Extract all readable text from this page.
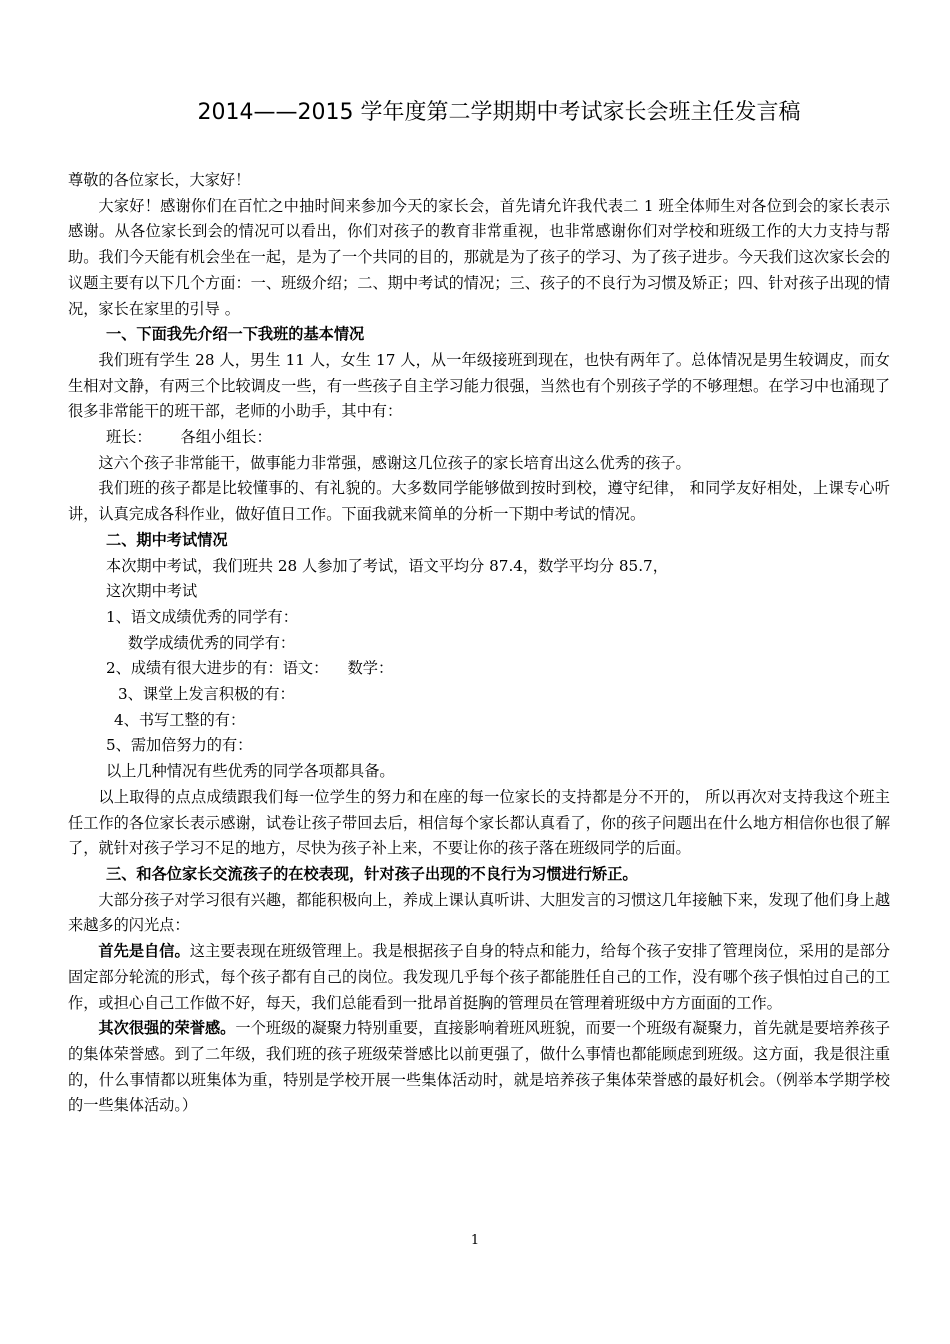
2014——2015 学年度第二学期期中考试家长会班主任发言稿

尊敬的各位家长，大家好！

大家好！感谢你们在百忙之中抽时间来参加今天的家长会，首先请允许我代表二 1 班全体师生对各位到会的家长表示感谢。从各位家长到会的情况可以看出，你们对孩子的教育非常重视，也非常感谢你们对学校和班级工作的大力支持与帮助。我们今天能有机会坐在一起，是为了一个共同的目的，那就是为了孩子的学习、为了孩子进步。今天我们这次家长会的议题主要有以下几个方面：一、班级介绍；二、期中考试的情况；三、孩子的不良行为习惯及矫正；四、针对孩子出现的情况，家长在家里的引导 。

一、下面我先介绍一下我班的基本情况

我们班有学生 28 人，男生 11 人，女生 17 人，从一年级接班到现在，也快有两年了。总体情况是男生较调皮，而女生相对文静，有两三个比较调皮一些，有一些孩子自主学习能力很强，当然也有个别孩子学的不够理想。在学习中也涌现了很多非常能干的班干部，老师的小助手，其中有：

班长：      各组小组长：

这六个孩子非常能干，做事能力非常强，感谢这几位孩子的家长培育出这么优秀的孩子。

我们班的孩子都是比较懂事的、有礼貌的。大多数同学能够做到按时到校，遵守纪律， 和同学友好相处，上课专心听讲，认真完成各科作业，做好值日工作。下面我就来简单的分析一下期中考试的情况。

二、期中考试情况

本次期中考试，我们班共 28 人参加了考试，语文平均分 87.4，数学平均分 85.7，

这次期中考试

1、语文成绩优秀的同学有：

数学成绩优秀的同学有：

2、成绩有很大进步的有：语文：    数学：

3、课堂上发言积极的有：

4、书写工整的有：

5、需加倍努力的有：

以上几种情况有些优秀的同学各项都具备。

以上取得的点点成绩跟我们每一位学生的努力和在座的每一位家长的支持都是分不开的， 所以再次对支持我这个班主任工作的各位家长表示感谢，试卷让孩子带回去后，相信每个家长都认真看了，你的孩子问题出在什么地方相信你也很了解了，就针对孩子学习不足的地方，尽快为孩子补上来，不要让你的孩子落在班级同学的后面。

三、和各位家长交流孩子的在校表现，针对孩子出现的不良行为习惯进行矫正。

大部分孩子对学习很有兴趣，都能积极向上，养成上课认真听讲、大胆发言的习惯这几年接触下来，发现了他们身上越来越多的闪光点：

首先是自信。这主要表现在班级管理上。我是根据孩子自身的特点和能力，给每个孩子安排了管理岗位，采用的是部分固定部分轮流的形式，每个孩子都有自己的岗位。我发现几乎每个孩子都能胜任自己的工作，没有哪个孩子惧怕过自己的工作，或担心自己工作做不好，每天，我们总能看到一批昂首挺胸的管理员在管理着班级中方方面面的工作。

其次很强的荣誉感。一个班级的凝聚力特别重要，直接影响着班风班貌，而要一个班级有凝聚力，首先就是要培养孩子的集体荣誉感。到了二年级，我们班的孩子班级荣誉感比以前更强了，做什么事情也都能顾虑到班级。这方面，我是很注重的，什么事情都以班集体为重，特别是学校开展一些集体活动时，就是培养孩子集体荣誉感的最好机会。（例举本学期学校的一些集体活动。）

1
